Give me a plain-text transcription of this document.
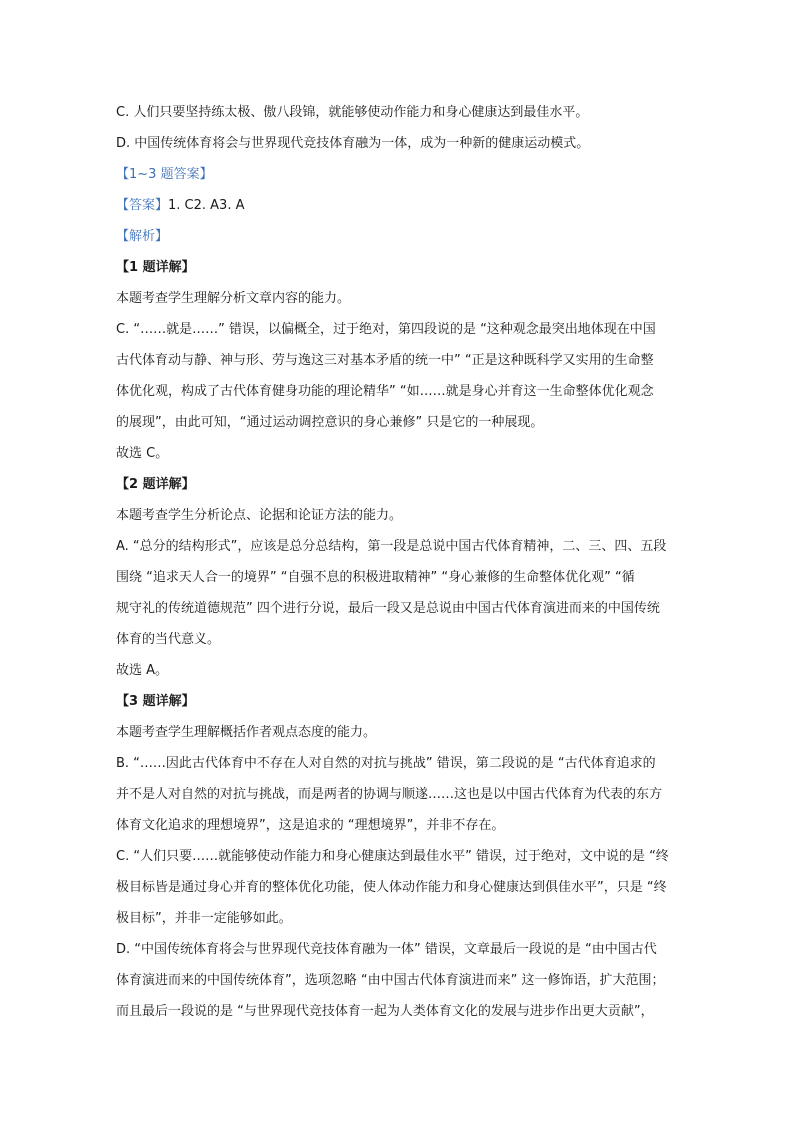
C. 人们只要坚持练太极、傲八段锦，就能够使动作能力和身心健康达到最佳水平。
D. 中国传统体育将会与世界现代竞技体育融为一体，成为一种新的健康运动模式。
【1~3 题答案】
【答案】1. C2. A3. A
【解析】
【1 题详解】
本题考查学生理解分析文章内容的能力。
C. “……就是……” 错误，以偏概全，过于绝对，第四段说的是 “这种观念最突出地体现在中国
古代体育动与静、神与形、劳与逸这三对基本矛盾的统一中” “正是这种既科学又实用的生命整
体优化观，构成了古代体育健身功能的理论精华” “如……就是身心并育这一生命整体优化观念
的展现”，由此可知，“通过运动调控意识的身心兼修” 只是它的一种展现。
故选 C。
【2 题详解】
本题考查学生分析论点、论据和论证方法的能力。
A. “总分的结构形式”，应该是总分总结构，第一段是总说中国古代体育精神，二、三、四、五段
围绕 “追求天人合一的境界” “自强不息的积极进取精神” “身心兼修的生命整体优化观” “循
规守礼的传统道德规范” 四个进行分说，最后一段又是总说由中国古代体育演进而来的中国传统
体育的当代意义。
故选 A。
【3 题详解】
本题考查学生理解概括作者观点态度的能力。
B. “……因此古代体育中不存在人对自然的对抗与挑战” 错误，第二段说的是 “古代体育追求的
并不是人对自然的对抗与挑战，而是两者的协调与顺遂……这也是以中国古代体育为代表的东方
体育文化追求的理想境界”，这是追求的 “理想境界”，并非不存在。
C. “人们只要……就能够使动作能力和身心健康达到最佳水平” 错误，过于绝对，文中说的是 “终
极目标皆是通过身心并育的整体优化功能，使人体动作能力和身心健康达到俱佳水平”，只是 “终
极目标”，并非一定能够如此。
D. “中国传统体育将会与世界现代竞技体育融为一体” 错误，文章最后一段说的是 “由中国古代
体育演进而来的中国传统体育”，选项忽略 “由中国古代体育演进而来” 这一修饰语，扩大范围；
而且最后一段说的是 “与世界现代竞技体育一起为人类体育文化的发展与进步作出更大贡献”，
